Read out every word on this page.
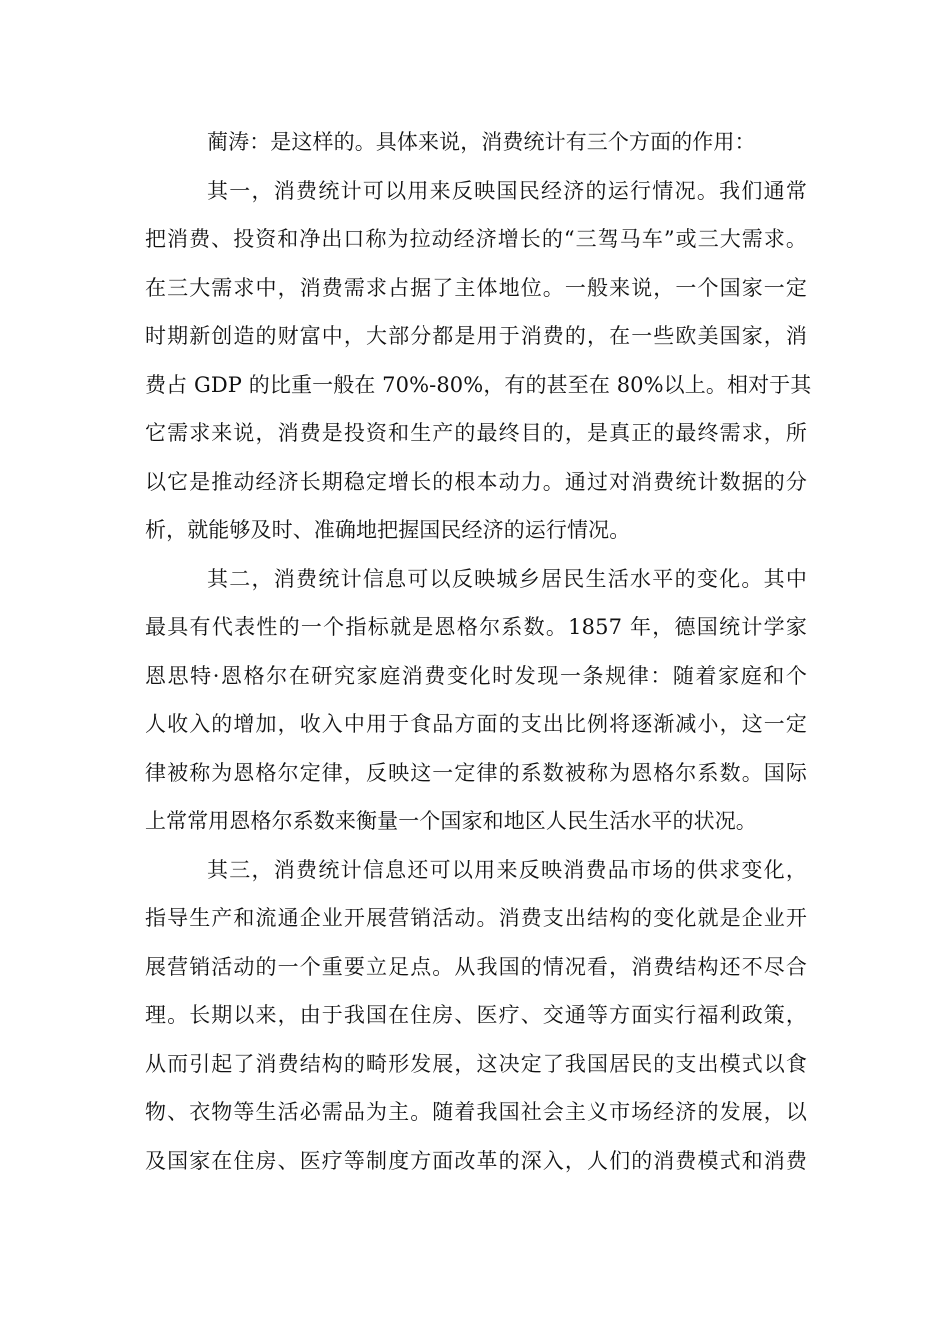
蔺涛：是这样的。具体来说，消费统计有三个方面的作用：
其一，消费统计可以用来反映国民经济的运行情况。我们通常
把消费、投资和净出口称为拉动经济增长的“三驾马车”或三大需求。
在三大需求中，消费需求占据了主体地位。一般来说，一个国家一定
时期新创造的财富中，大部分都是用于消费的，在一些欧美国家，消
费占 GDP 的比重一般在 70%-80%，有的甚至在 80%以上。相对于其
它需求来说，消费是投资和生产的最终目的，是真正的最终需求，所
以它是推动经济长期稳定增长的根本动力。通过对消费统计数据的分
析，就能够及时、准确地把握国民经济的运行情况。
其二，消费统计信息可以反映城乡居民生活水平的变化。其中
最具有代表性的一个指标就是恩格尔系数。1857 年，德国统计学家
恩思特·恩格尔在研究家庭消费变化时发现一条规律：随着家庭和个
人收入的增加，收入中用于食品方面的支出比例将逐渐减小，这一定
律被称为恩格尔定律，反映这一定律的系数被称为恩格尔系数。国际
上常常用恩格尔系数来衡量一个国家和地区人民生活水平的状况。
其三，消费统计信息还可以用来反映消费品市场的供求变化，
指导生产和流通企业开展营销活动。消费支出结构的变化就是企业开
展营销活动的一个重要立足点。从我国的情况看，消费结构还不尽合
理。长期以来，由于我国在住房、医疗、交通等方面实行福利政策，
从而引起了消费结构的畸形发展，这决定了我国居民的支出模式以食
物、衣物等生活必需品为主。随着我国社会主义市场经济的发展，以
及国家在住房、医疗等制度方面改革的深入，人们的消费模式和消费
